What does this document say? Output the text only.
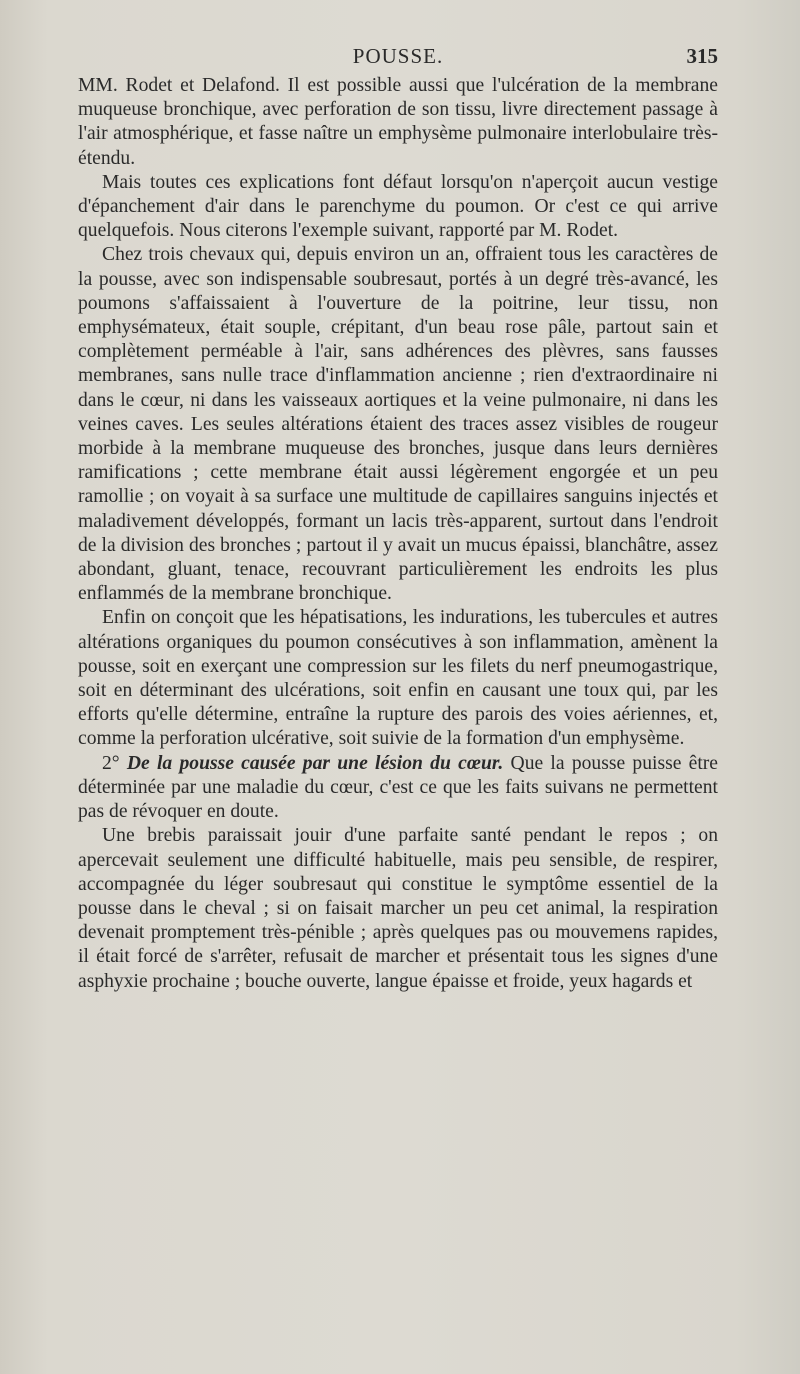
POUSSE.	315

MM. Rodet et Delafond. Il est possible aussi que l'ulcération de la membrane muqueuse bronchique, avec perforation de son tissu, livre directement passage à l'air atmosphérique, et fasse naître un emphysème pulmonaire interlobulaire très-étendu.

Mais toutes ces explications font défaut lorsqu'on n'aperçoit aucun vestige d'épanchement d'air dans le parenchyme du poumon. Or c'est ce qui arrive quelquefois. Nous citerons l'exemple suivant, rapporté par M. Rodet.

Chez trois chevaux qui, depuis environ un an, offraient tous les caractères de la pousse, avec son indispensable soubresaut, portés à un degré très-avancé, les poumons s'affaissaient à l'ouverture de la poitrine, leur tissu, non emphysémateux, était souple, crépitant, d'un beau rose pâle, partout sain et complètement perméable à l'air, sans adhérences des plèvres, sans fausses membranes, sans nulle trace d'inflammation ancienne ; rien d'extraordinaire ni dans le cœur, ni dans les vaisseaux aortiques et la veine pulmonaire, ni dans les veines caves. Les seules altérations étaient des traces assez visibles de rougeur morbide à la membrane muqueuse des bronches, jusque dans leurs dernières ramifications ; cette membrane était aussi légèrement engorgée et un peu ramollie ; on voyait à sa surface une multitude de capillaires sanguins injectés et maladivement développés, formant un lacis très-apparent, surtout dans l'endroit de la division des bronches ; partout il y avait un mucus épaissi, blanchâtre, assez abondant, gluant, tenace, recouvrant particulièrement les endroits les plus enflammés de la membrane bronchique.

Enfin on conçoit que les hépatisations, les indurations, les tubercules et autres altérations organiques du poumon consécutives à son inflammation, amènent la pousse, soit en exerçant une compression sur les filets du nerf pneumogastrique, soit en déterminant des ulcérations, soit enfin en causant une toux qui, par les efforts qu'elle détermine, entraîne la rupture des parois des voies aériennes, et, comme la perforation ulcérative, soit suivie de la formation d'un emphysème.

2° De la pousse causée par une lésion du cœur. Que la pousse puisse être déterminée par une maladie du cœur, c'est ce que les faits suivans ne permettent pas de révoquer en doute.

Une brebis paraissait jouir d'une parfaite santé pendant le repos ; on apercevait seulement une difficulté habituelle, mais peu sensible, de respirer, accompagnée du léger soubresaut qui constitue le symptôme essentiel de la pousse dans le cheval ; si on faisait marcher un peu cet animal, la respiration devenait promptement très-pénible ; après quelques pas ou mouvemens rapides, il était forcé de s'arrêter, refusait de marcher et présentait tous les signes d'une asphyxie prochaine ; bouche ouverte, langue épaisse et froide, yeux hagards et
